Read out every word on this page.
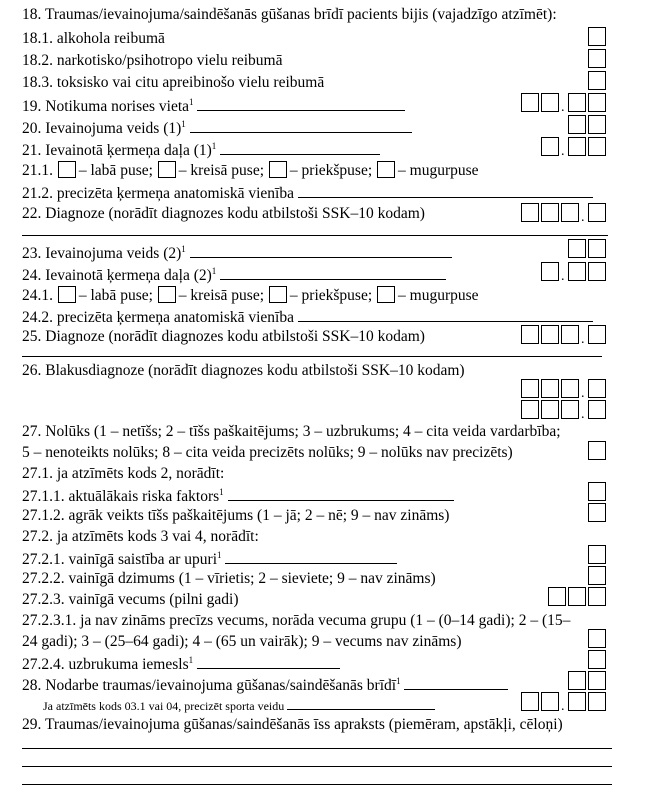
18. Traumas/ievainojuma/saindēšanās gūšanas brīdī pacients bijis (vajadzīgo atzīmēt):
18.1. alkohola reibumā
18.2. narkotisko/psihotropo vielu reibumā
18.3. toksisko vai citu apreibinošo vielu reibumā
19. Notikuma norises vieta$^1$
20. Ievainojuma veids $(1)^1$
21. Ievainotā ķermeņa daļa $(1)^1$
21.1. – labā puse; – kreisā puse; – priekšpuse; – mugurpuse
21.2. precizēta ķermeņa anatomiskā vienība
22. Diagnoze (norādīt diagnozes kodu atbilstoši SSK–10 kodam)
23. Ievainojuma veids $(2)^1$
24. Ievainotā ķermeņa daļa $(2)^1$
24.1. – labā puse; – kreisā puse; – priekšpuse; – mugurpuse
24.2. precizēta ķermeņa anatomiskā vienība
25. Diagnoze (norādīt diagnozes kodu atbilstoši SSK–10 kodam)
26. Blakusdiagnoze (norādīt diagnozes kodu atbilstoši SSK–10 kodam)
27. Nolūks (1 – netīšs; 2 – tīšs paškaitējums; 3 – uzbrukums; 4 – cita veida vardarbība;
5 – nenoteikts nolūks; 8 – cita veida precizēts nolūks; 9 – nolūks nav precizēts)
27.1. ja atzīmēts kods 2, norādīt:
27.1.1. aktuālākais riska faktors$^1$
27.1.2. agrāk veikts tīšs paškaitējums (1 – jā; 2 – nē; 9 – nav zināms)
27.2. ja atzīmēts kods 3 vai 4, norādīt:
27.2.1. vainīgā saistība ar upuri$^1$
27.2.2. vainīgā dzimums (1 – vīrietis; 2 – sieviete; 9 – nav zināms)
27.2.3. vainīgā vecums (pilni gadi)
27.2.3.1. ja nav zināms precīzs vecums, norāda vecuma grupu (1 – (0–14 gadi); 2 – (15–
24 gadi); 3 – (25–64 gadi); 4 – (65 un vairāk); 9 – vecums nav zināms)
27.2.4. uzbrukuma iemesls$^1$
28. Nodarbe traumas/ievainojuma gūšanas/saindēšanās brīdī$^1$
Ja atzīmēts kods 03.1 vai 04, precizēt sporta veidu
29. Traumas/ievainojuma gūšanas/saindēšanās īss apraksts (piemēram, apstākļi, cēloņi)
.
.
.
.
.
.
.
.
